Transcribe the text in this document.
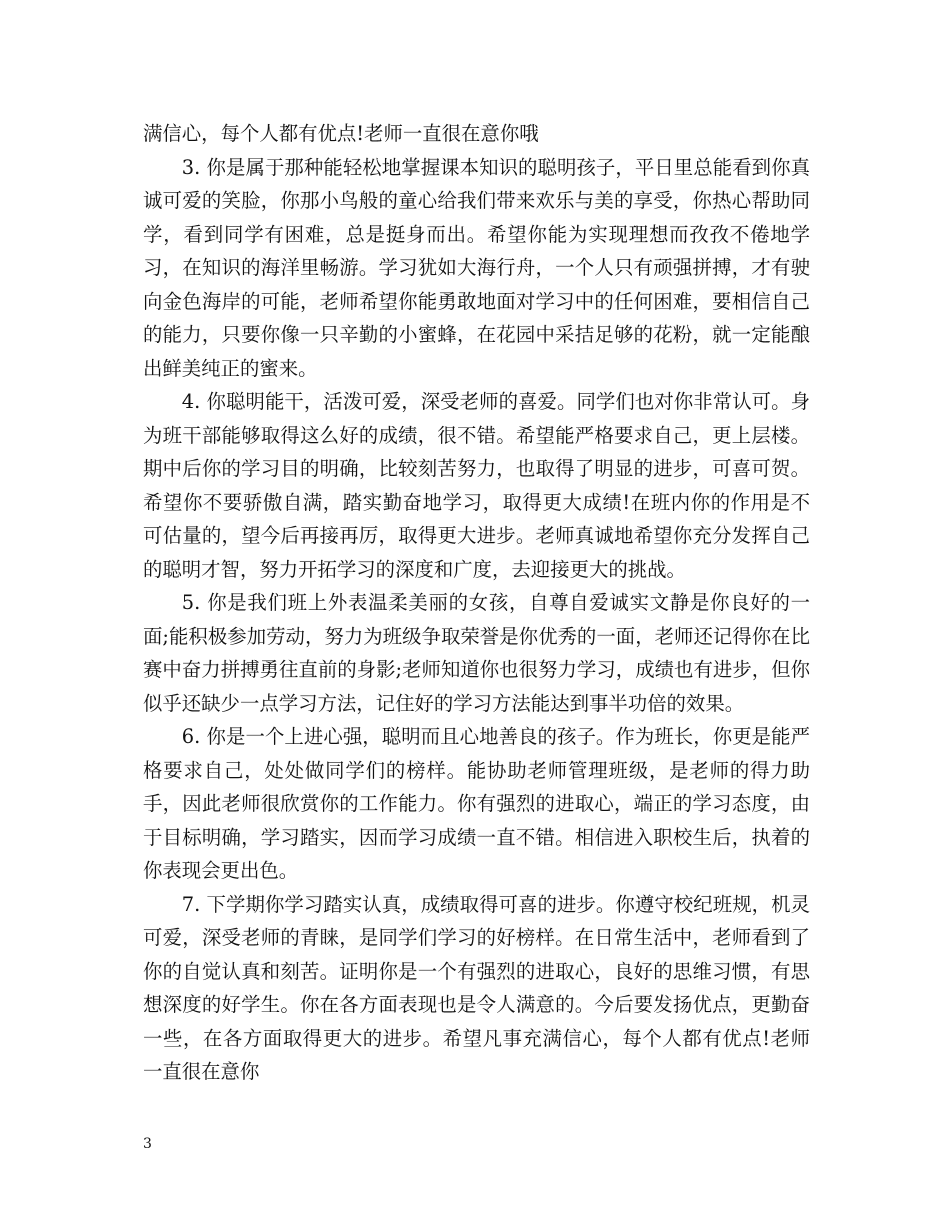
满信心，每个人都有优点!老师一直很在意你哦

3. 你是属于那种能轻松地掌握课本知识的聪明孩子，平日里总能看到你真诚可爱的笑脸，你那小鸟般的童心给我们带来欢乐与美的享受，你热心帮助同学，看到同学有困难，总是挺身而出。希望你能为实现理想而孜孜不倦地学习，在知识的海洋里畅游。学习犹如大海行舟，一个人只有顽强拼搏，才有驶向金色海岸的可能，老师希望你能勇敢地面对学习中的任何困难，要相信自己的能力，只要你像一只辛勤的小蜜蜂，在花园中采拮足够的花粉，就一定能酿出鲜美纯正的蜜来。

4. 你聪明能干，活泼可爱，深受老师的喜爱。同学们也对你非常认可。身为班干部能够取得这么好的成绩，很不错。希望能严格要求自己，更上层楼。期中后你的学习目的明确，比较刻苦努力，也取得了明显的进步，可喜可贺。希望你不要骄傲自满，踏实勤奋地学习，取得更大成绩!在班内你的作用是不可估量的，望今后再接再厉，取得更大进步。老师真诚地希望你充分发挥自己的聪明才智，努力开拓学习的深度和广度，去迎接更大的挑战。

5. 你是我们班上外表温柔美丽的女孩，自尊自爱诚实文静是你良好的一面;能积极参加劳动，努力为班级争取荣誉是你优秀的一面，老师还记得你在比赛中奋力拼搏勇往直前的身影;老师知道你也很努力学习，成绩也有进步，但你似乎还缺少一点学习方法，记住好的学习方法能达到事半功倍的效果。

6. 你是一个上进心强，聪明而且心地善良的孩子。作为班长，你更是能严格要求自己，处处做同学们的榜样。能协助老师管理班级，是老师的得力助手，因此老师很欣赏你的工作能力。你有强烈的进取心，端正的学习态度，由于目标明确，学习踏实，因而学习成绩一直不错。相信进入职校生后，执着的你表现会更出色。

7. 下学期你学习踏实认真，成绩取得可喜的进步。你遵守校纪班规，机灵可爱，深受老师的青睐，是同学们学习的好榜样。在日常生活中，老师看到了你的自觉认真和刻苦。证明你是一个有强烈的进取心，良好的思维习惯，有思想深度的好学生。你在各方面表现也是令人满意的。今后要发扬优点，更勤奋一些，在各方面取得更大的进步。希望凡事充满信心，每个人都有优点!老师一直很在意你

3
